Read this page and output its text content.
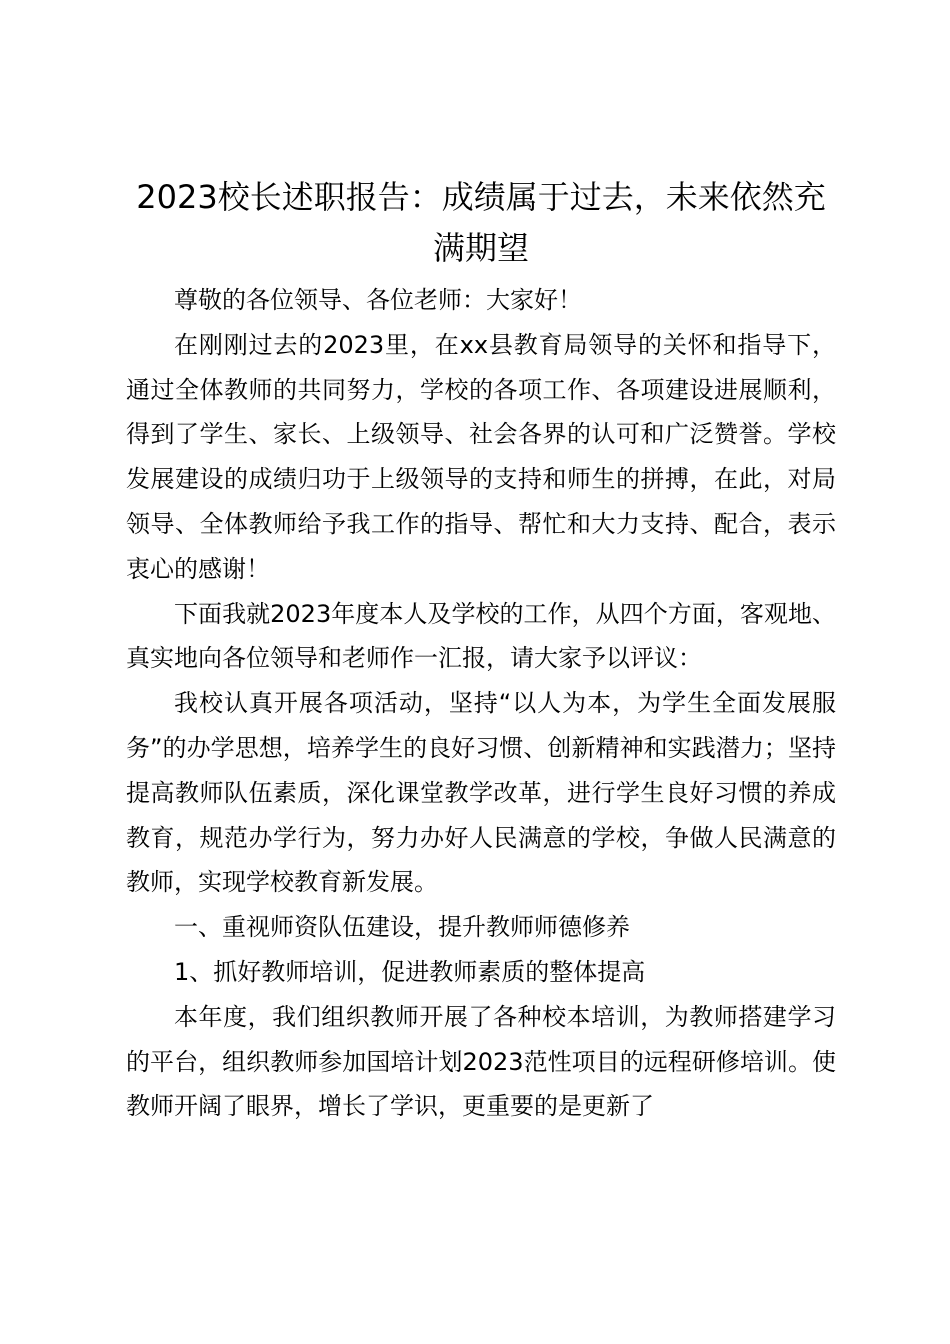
2023校长述职报告：成绩属于过去，未来依然充满期望

尊敬的各位领导、各位老师：大家好！

在刚刚过去的2023里，在xx县教育局领导的关怀和指导下，通过全体教师的共同努力，学校的各项工作、各项建设进展顺利，得到了学生、家长、上级领导、社会各界的认可和广泛赞誉。学校发展建设的成绩归功于上级领导的支持和师生的拼搏，在此，对局领导、全体教师给予我工作的指导、帮忙和大力支持、配合，表示衷心的感谢！

下面我就2023年度本人及学校的工作，从四个方面，客观地、真实地向各位领导和老师作一汇报，请大家予以评议：

我校认真开展各项活动，坚持“以人为本，为学生全面发展服务”的办学思想，培养学生的良好习惯、创新精神和实践潜力；坚持提高教师队伍素质，深化课堂教学改革，进行学生良好习惯的养成教育，规范办学行为，努力办好人民满意的学校，争做人民满意的教师，实现学校教育新发展。

一、重视师资队伍建设，提升教师师德修养

1、抓好教师培训，促进教师素质的整体提高

本年度，我们组织教师开展了各种校本培训，为教师搭建学习的平台，组织教师参加国培计划2023范性项目的远程研修培训。使教师开阔了眼界，增长了学识，更重要的是更新了
